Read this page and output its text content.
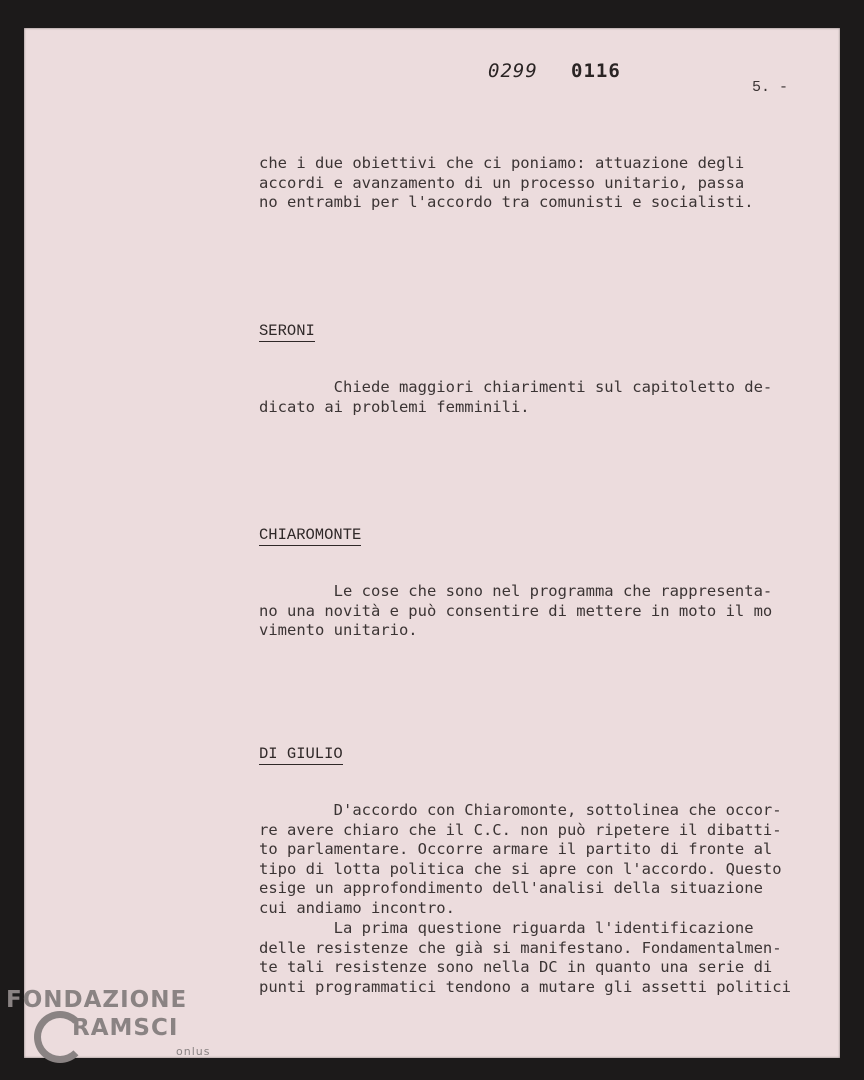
0299 0116
5. -
che i due obiettivi che ci poniamo: attuazione degli
accordi e avanzamento di un processo unitario, passa
no entrambi per l'accordo tra comunisti e socialisti.
SERONI
Chiede maggiori chiarimenti sul capitoletto de-
dicato ai problemi femminili.
CHIAROMONTE
Le cose che sono nel programma che rappresenta-
no una novità e può consentire di mettere in moto il mo
vimento unitario.
DI GIULIO
D'accordo con Chiaromonte, sottolinea che occor-
re avere chiaro che il C.C. non può ripetere il dibatti-
to parlamentare. Occorre armare il partito di fronte al
tipo di lotta politica che si apre con l'accordo. Questo
esige un approfondimento dell'analisi della situazione
cui andiamo incontro.
La prima questione riguarda l'identificazione
delle resistenze che già si manifestano. Fondamentalmen-
te tali resistenze sono nella DC in quanto una serie di
punti programmatici tendono a mutare gli assetti politici
FONDAZIONE
RAMSCI
onlus
